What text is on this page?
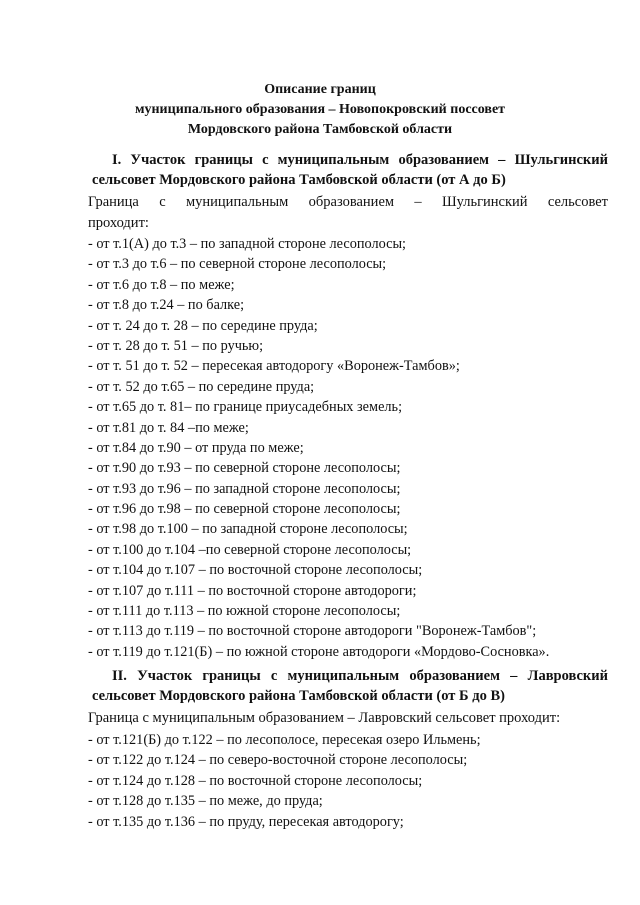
Описание границ
муниципального образования – Новопокровский поссовет
Мордовского района Тамбовской области
I. Участок границы с муниципальным образованием – Шульгинский
сельсовет Мордовского района Тамбовской области (от А до Б)
Граница с муниципальным образованием – Шульгинский сельсовет
проходит:
- от т.1(А) до т.3 – по западной стороне лесополосы;
- от т.3 до т.6 – по северной стороне лесополосы;
- от т.6 до т.8 – по меже;
- от т.8 до т.24 – по балке;
- от т. 24 до т. 28 – по середине пруда;
- от т. 28 до т. 51 – по ручью;
- от т. 51 до т. 52 – пересекая автодорогу «Воронеж-Тамбов»;
- от т. 52 до т.65 – по середине пруда;
- от т.65 до т. 81– по границе приусадебных земель;
- от т.81 до т. 84 –по меже;
- от т.84 до т.90 – от пруда по меже;
- от т.90 до т.93 – по северной стороне лесополосы;
- от т.93 до т.96 – по западной стороне лесополосы;
- от т.96 до т.98 – по северной стороне лесополосы;
- от т.98 до т.100 – по западной стороне лесополосы;
- от т.100 до т.104 –по северной стороне лесополосы;
- от т.104 до т.107 – по восточной стороне лесополосы;
- от т.107 до т.111 – по восточной стороне автодороги;
- от т.111 до т.113 – по южной стороне лесополосы;
- от т.113 до т.119 – по восточной стороне автодороги "Воронеж-Тамбов";
- от т.119 до т.121(Б) – по южной стороне автодороги «Мордово-Сосновка».
II. Участок границы с муниципальным образованием – Лавровский
сельсовет Мордовского района Тамбовской области (от Б до В)
Граница с муниципальным образованием – Лавровский сельсовет проходит:
- от т.121(Б) до т.122 – по лесополосе, пересекая озеро Ильмень;
- от т.122 до т.124 – по северо-восточной стороне лесополосы;
- от т.124 до т.128 – по восточной стороне лесополосы;
- от т.128 до т.135 – по меже, до пруда;
- от т.135 до т.136 – по пруду, пересекая автодорогу;
